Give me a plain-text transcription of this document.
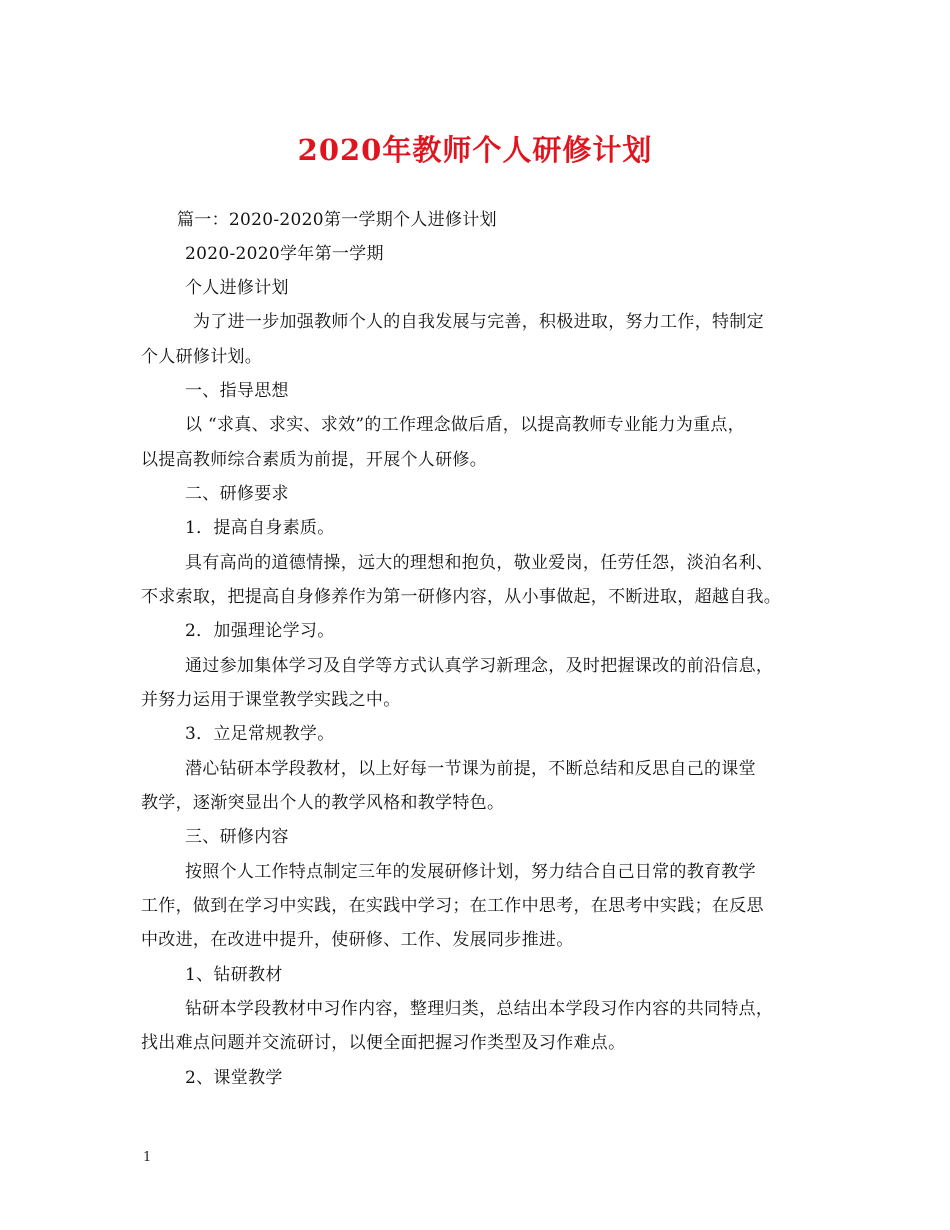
2020年教师个人研修计划

篇一：2020-2020第一学期个人进修计划

2020-2020学年第一学期

个人进修计划

为了进一步加强教师个人的自我发展与完善，积极进取，努力工作，特制定

个人研修计划。

一、指导思想

以 “求真、求实、求效”的工作理念做后盾，以提高教师专业能力为重点，

以提高教师综合素质为前提，开展个人研修。

二、研修要求

1．提高自身素质。

具有高尚的道德情操，远大的理想和抱负，敬业爱岗，任劳任怨，淡泊名利、

不求索取，把提高自身修养作为第一研修内容，从小事做起，不断进取，超越自我。

2．加强理论学习。

通过参加集体学习及自学等方式认真学习新理念，及时把握课改的前沿信息，

并努力运用于课堂教学实践之中。

3．立足常规教学。

潜心钻研本学段教材，以上好每一节课为前提，不断总结和反思自己的课堂

教学，逐渐突显出个人的教学风格和教学特色。

三、研修内容

按照个人工作特点制定三年的发展研修计划，努力结合自己日常的教育教学

工作，做到在学习中实践，在实践中学习；在工作中思考，在思考中实践；在反思

中改进，在改进中提升，使研修、工作、发展同步推进。

1、钻研教材

钻研本学段教材中习作内容，整理归类，总结出本学段习作内容的共同特点，

找出难点问题并交流研讨，以便全面把握习作类型及习作难点。

2、课堂教学

1
